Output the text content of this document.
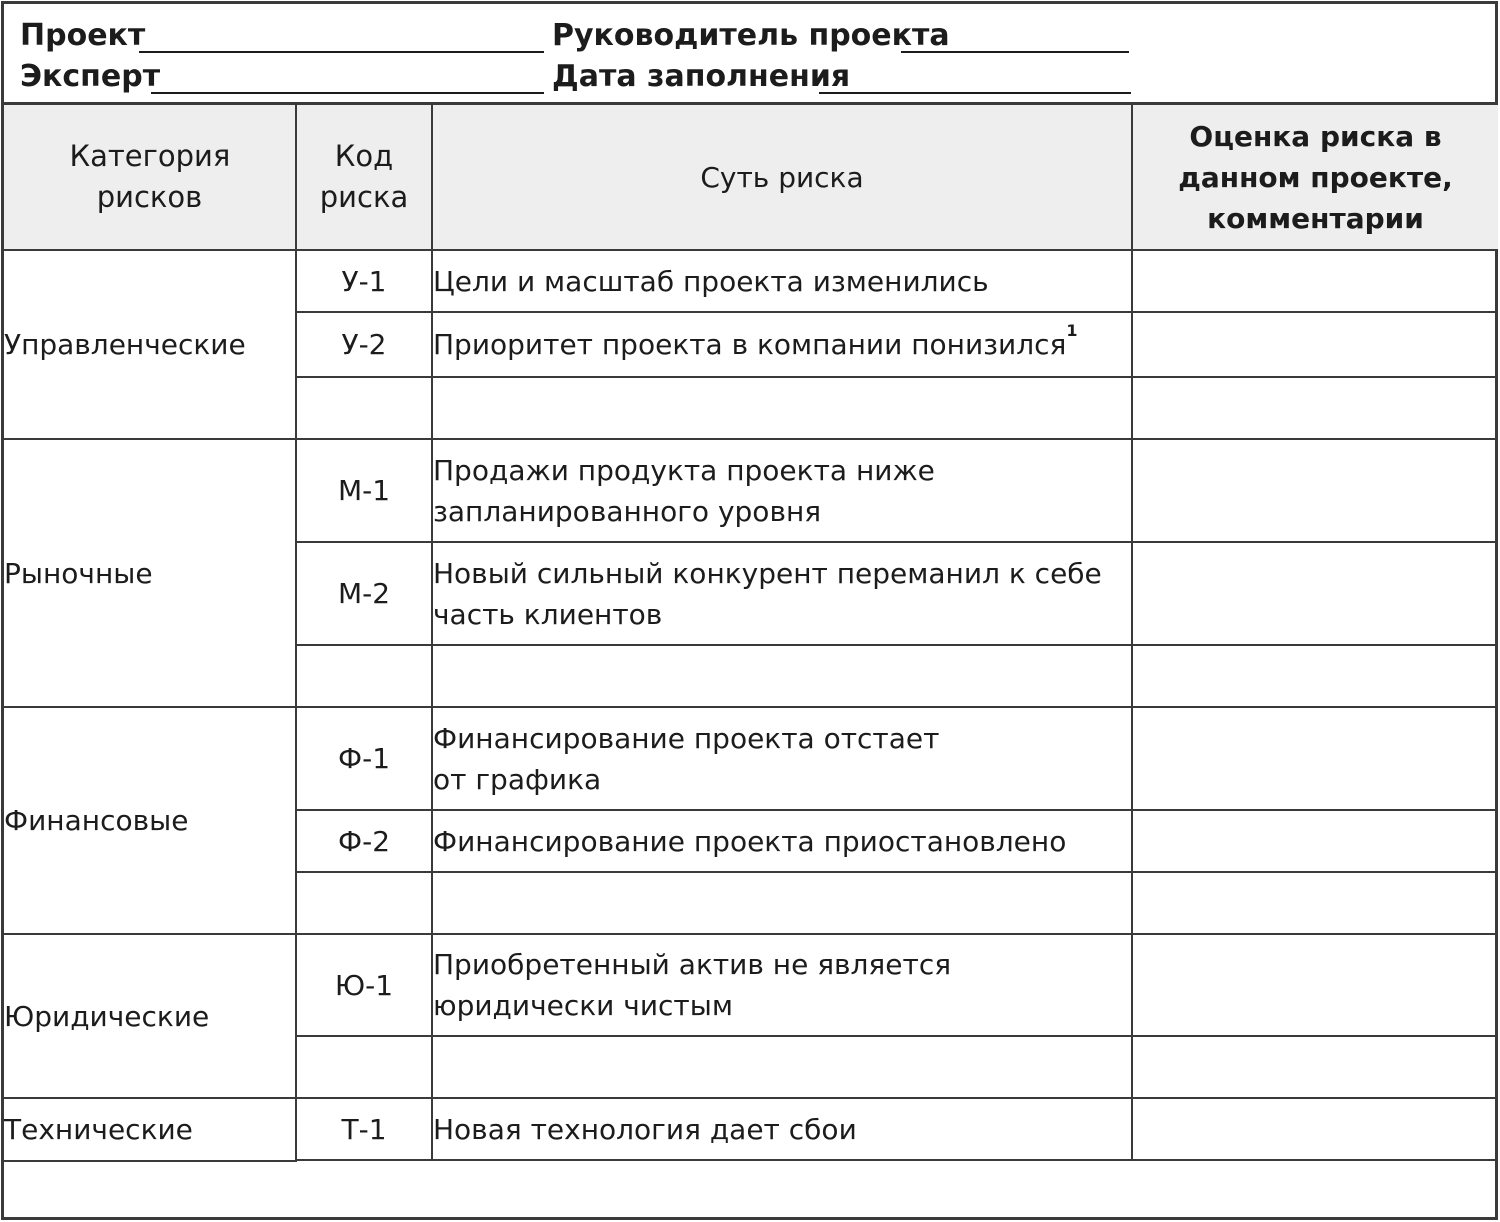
Проект	Руководитель проекта
Эксперт	Дата заполнения
Категория рисков	Код риска	Суть риска	Оценка риска в данном проекте, комментарии

Управленческие	У-1	Цели и масштаб проекта изменились	
	У-2	Приоритет проекта в компании понизился$^1$	

Рыночные	М-1	Продажи продукта проекта ниже запланированного уровня	

	М-2	Новый сильный конкурент переманил к себе часть клиентов	

Финансовые	Ф-1	Финансирование проекта отстает от графика	

	Ф-2	Финансирование проекта приостановлено	

Юридические	Ю-1	Приобретенный актив не является юридически чистым	

Технические	Т-1	Новая технология дает сбои	
